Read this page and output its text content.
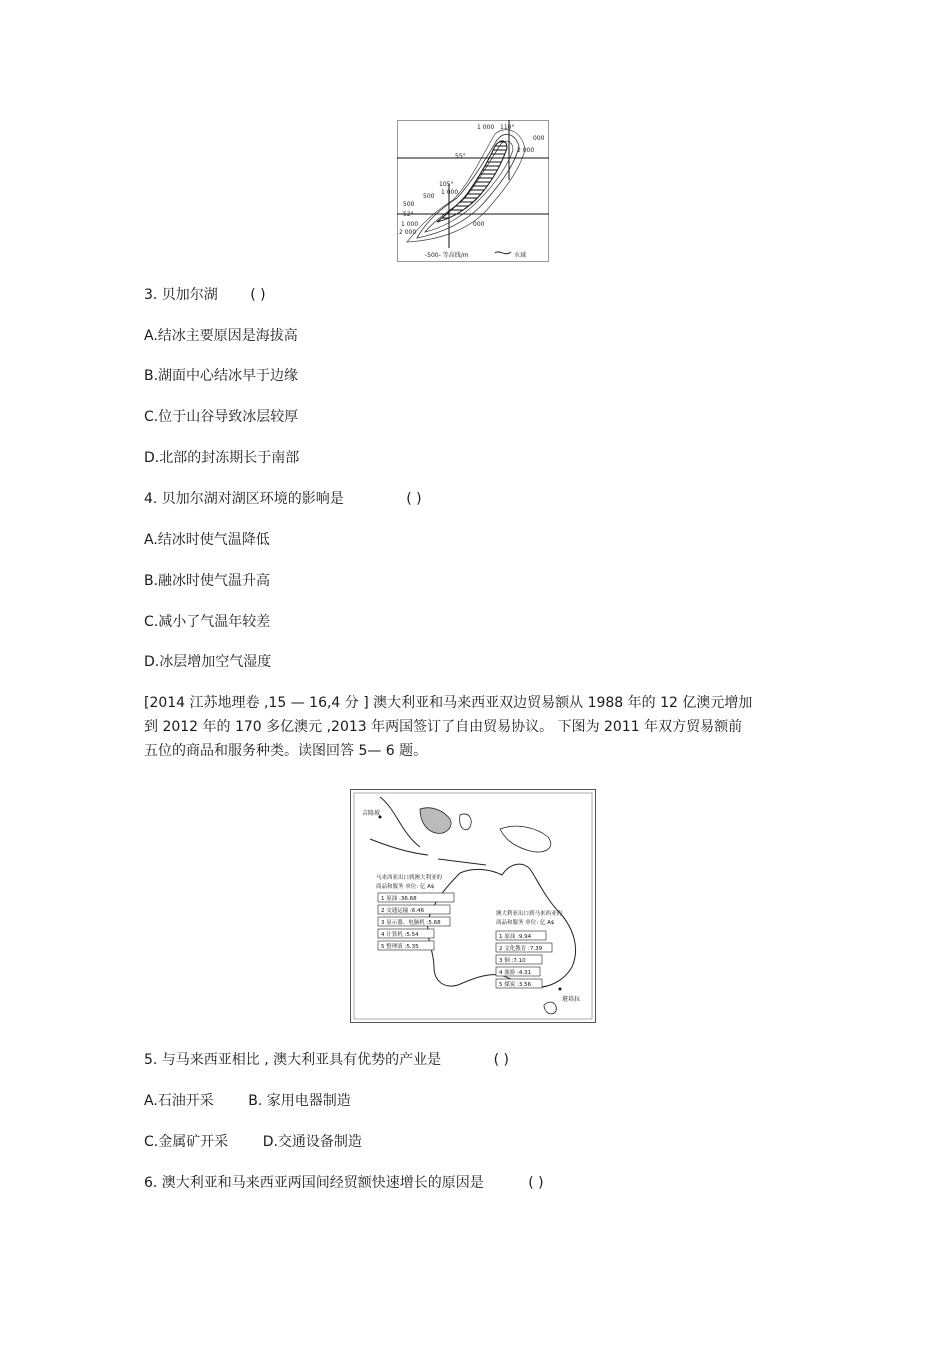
1 000 110°
55°
000
2 000
105°
1 000
500
500
52°
1 000	000
2 000
-500- 等高线/m	水域
3. 贝加尔湖 ( )
A.结冰主要原因是海拔高
B.湖面中心结冰早于边缘
C.位于山谷导致冰层较厚
D.北部的封冻期长于南部
4. 贝加尔湖对湖区环境的影响是	( )
A.结冰时使气温降低
B.融冰时使气温升高
C.减小了气温年较差
D.冰层增加空气湿度
[2014 江苏地理卷 ,15 — 16,4 分 ] 澳大利亚和马来西亚双边贸易额从 1988 年的 12 亿澳元增加
到 2012 年的 170 多亿澳元 ,2013 年两国签订了自由贸易协议。 下图为 2011 年双方贸易额前
五位的商品和服务种类。读图回答 5— 6 题。
吉隆坡
堪培拉
马来西亚出口到澳大利亚的
商品和服务 单位: 亿 A$
1 原油 :36.68
2 交通运输 :6.46
3 显示器、电脑机 :5.68
4 计算机 :5.54
5 整理液 :5.35
澳大利亚出口到马来西亚的
商品和服务 单位: 亿 A$
1 原油 :9.94
2 文化教育 :7.39
3 铜 :7.10
4 旅游 :4.31
5 煤炭 :3.56
5. 与马来西亚相比 , 澳大利亚具有优势的产业是	( )
A.石油开采 B. 家用电器制造
C.金属矿开采 D.交通设备制造
6. 澳大利亚和马来西亚两国间经贸额快速增长的原因是	( )
